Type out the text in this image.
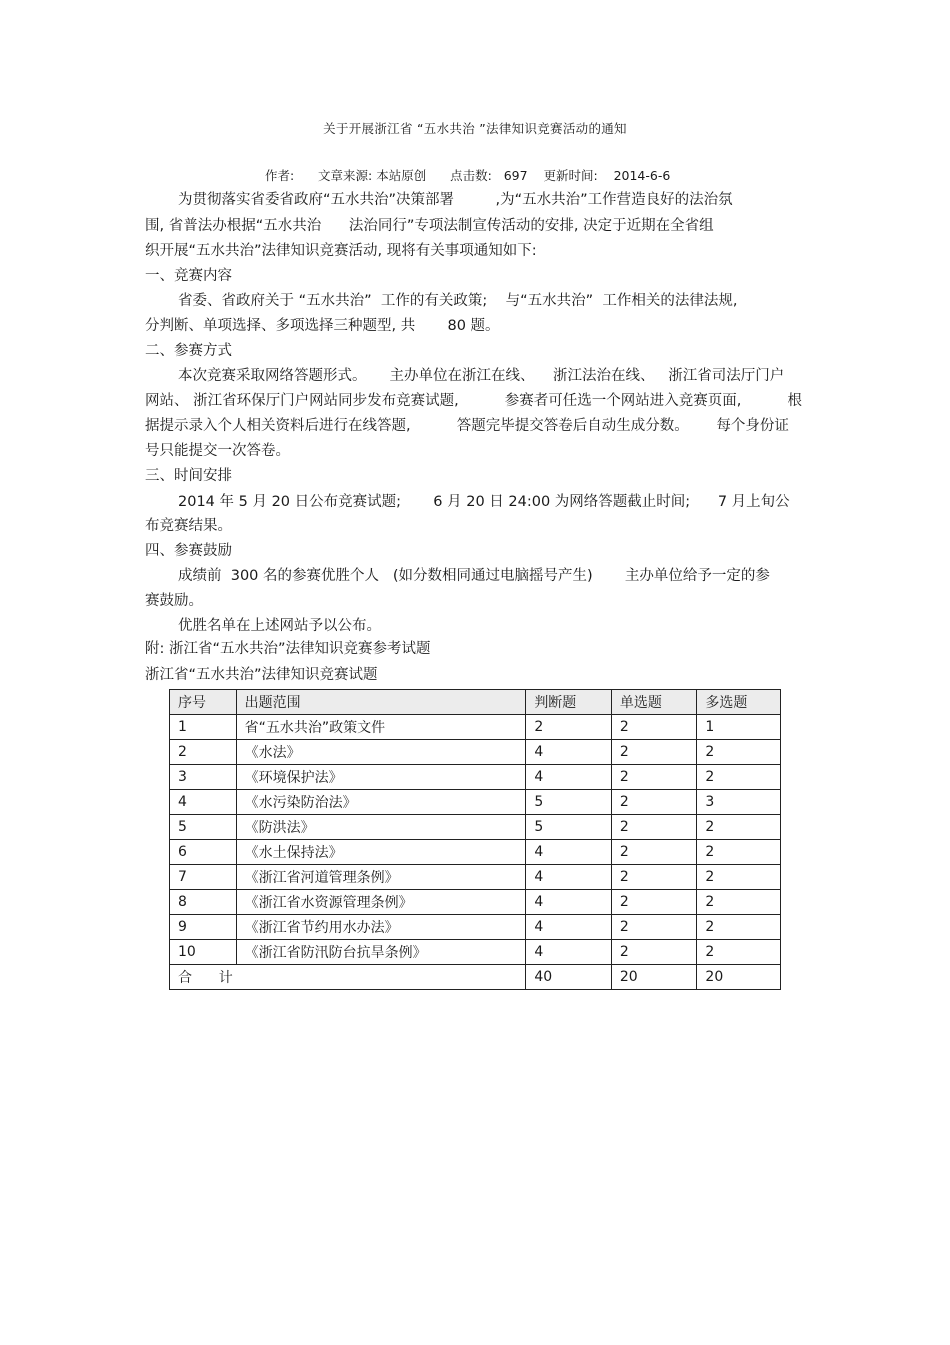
关于开展浙江省 “五水共治 ”法律知识竞赛活动的通知
作者:      文章来源: 本站原创      点击数:   697    更新时间:    2014-6-6
为贯彻落实省委省政府“五水共治”决策部署         ,为“五水共治”工作营造良好的法治氛
围, 省普法办根据“五水共治      法治同行”专项法制宣传活动的安排, 决定于近期在全省组
织开展“五水共治”法律知识竞赛活动, 现将有关事项通知如下:
一、竞赛内容
省委、省政府关于 “五水共治”  工作的有关政策;    与“五水共治”  工作相关的法律法规,
分判断、单项选择、多项选择三种题型, 共       80 题。
二、参赛方式
本次竞赛采取网络答题形式。     主办单位在浙江在线、    浙江法治在线、   浙江省司法厅门户
网站、 浙江省环保厅门户网站同步发布竞赛试题,          参赛者可任选一个网站进入竞赛页面,          根
据提示录入个人相关资料后进行在线答题,          答题完毕提交答卷后自动生成分数。      每个身份证
号只能提交一次答卷。
三、时间安排
2014 年 5 月 20 日公布竞赛试题;       6 月 20 日 24:00 为网络答题截止时间;      7 月上旬公
布竞赛结果。
四、参赛鼓励
成绩前  300 名的参赛优胜个人   (如分数相同通过电脑摇号产生)       主办单位给予一定的参
赛鼓励。
优胜名单在上述网站予以公布。
附: 浙江省“五水共治”法律知识竞赛参考试题
浙江省“五水共治”法律知识竞赛试题
序号	出题范围	判断题	单选题	多选题
1	省“五水共治”政策文件	2	2	1
2	《水法》	4	2	2
3	《环境保护法》	4	2	2
4	《水污染防治法》	5	2	3
5	《防洪法》	5	2	2
6	《水土保持法》	4	2	2
7	《浙江省河道管理条例》	4	2	2
8	《浙江省水资源管理条例》	4	2	2
9	《浙江省节约用水办法》	4	2	2
10	《浙江省防汛防台抗旱条例》	4	2	2
合      计		40	20	20
